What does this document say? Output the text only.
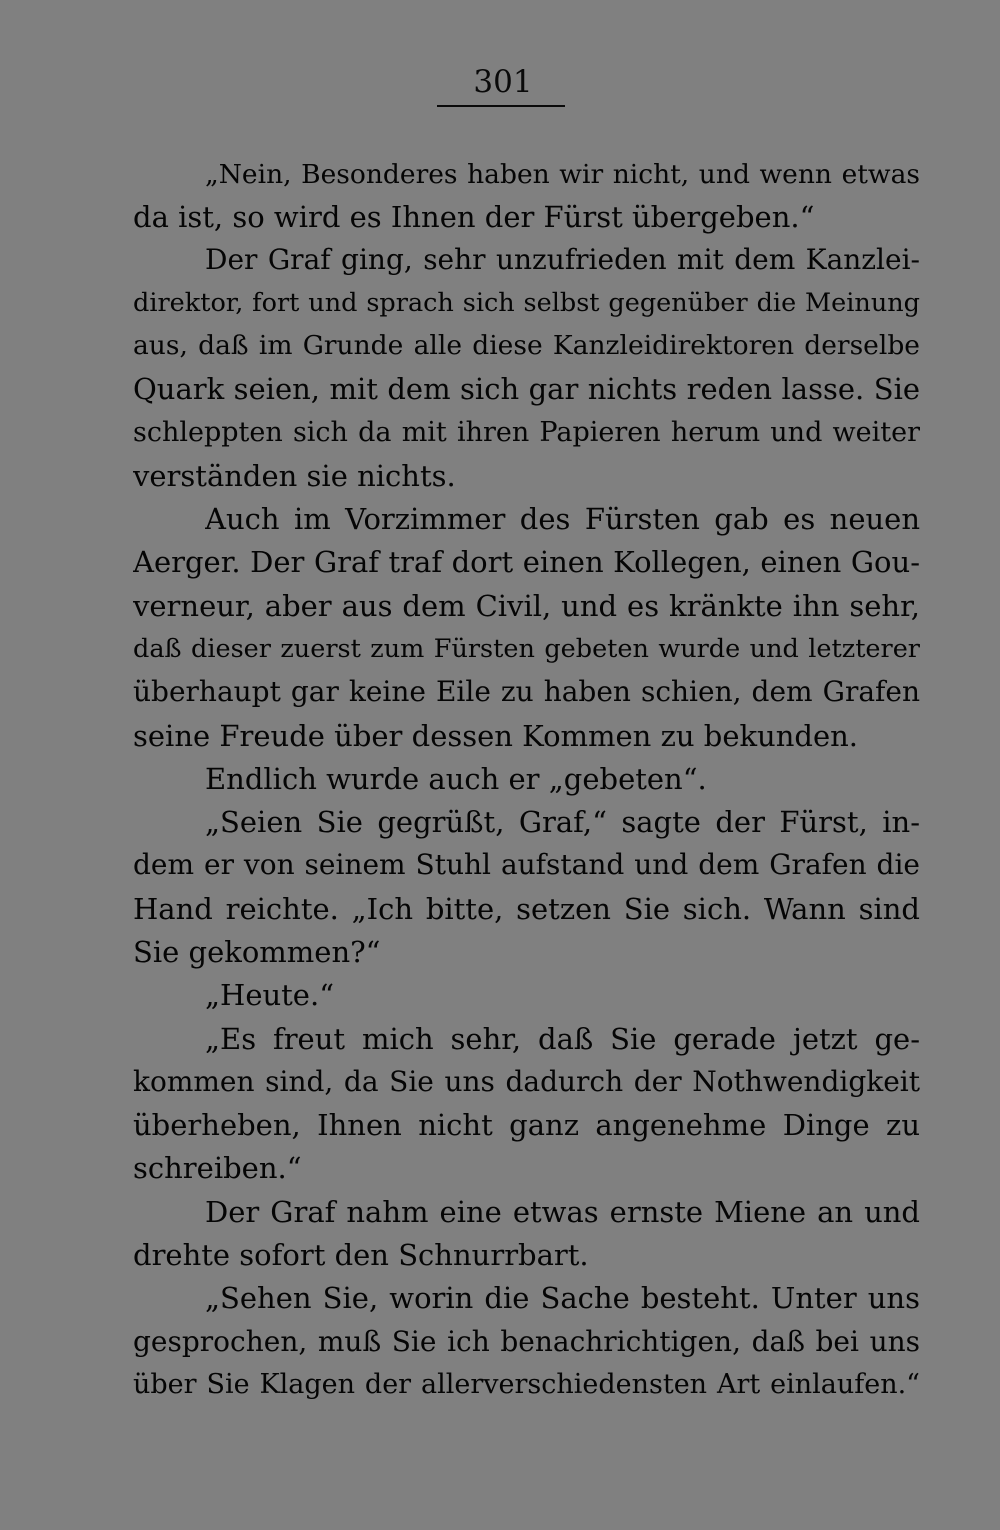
301

„Nein, Besonderes haben wir nicht, und wenn etwas

da ist, so wird es Ihnen der Fürst übergeben.“

Der Graf ging, sehr unzufrieden mit dem Kanzlei-

direktor, fort und sprach sich selbst gegenüber die Meinung

aus, daß im Grunde alle diese Kanzleidirektoren derselbe

Quark seien, mit dem sich gar nichts reden lasse. Sie

schleppten sich da mit ihren Papieren herum und weiter

verständen sie nichts.

Auch im Vorzimmer des Fürsten gab es neuen

Aerger. Der Graf traf dort einen Kollegen, einen Gou-

verneur, aber aus dem Civil, und es kränkte ihn sehr,

daß dieser zuerst zum Fürsten gebeten wurde und letzterer

überhaupt gar keine Eile zu haben schien, dem Grafen

seine Freude über dessen Kommen zu bekunden.

Endlich wurde auch er „gebeten“.

„Seien Sie gegrüßt, Graf,“ sagte der Fürst, in-

dem er von seinem Stuhl aufstand und dem Grafen die

Hand reichte. „Ich bitte, setzen Sie sich. Wann sind

Sie gekommen?“

„Heute.“

„Es freut mich sehr, daß Sie gerade jetzt ge-

kommen sind, da Sie uns dadurch der Nothwendigkeit

überheben, Ihnen nicht ganz angenehme Dinge zu

schreiben.“

Der Graf nahm eine etwas ernste Miene an und

drehte sofort den Schnurrbart.

„Sehen Sie, worin die Sache besteht. Unter uns

gesprochen, muß Sie ich benachrichtigen, daß bei uns

über Sie Klagen der allerverschiedensten Art einlaufen.“
